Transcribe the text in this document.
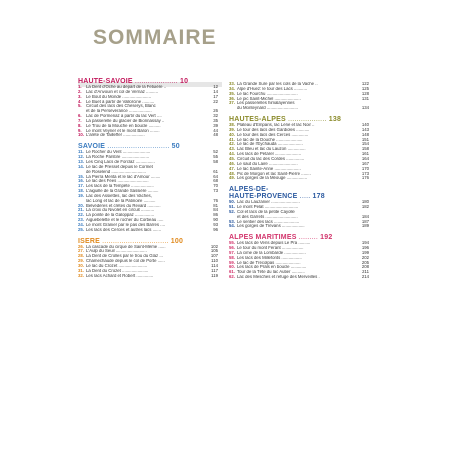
SOMMAIRE
HAUTE-SAVOIE .................... 10
1.	La Dent d'Oche au départ de la Fetuière ..	12
2.	Lac d'Anvouin et col de Vernaz ..........	14
3.	Le Bout du Monde ........................	17
4.	Le Buet à partir de Vallorcine ..........	22
5.	Circuit des lacs des Chéserys, Blanc
et de la Persévérance ...................	26
6.	Lac de Pormenaz à partir du lac Vert ....	32
7.	La passerelle du glacier de Bionnassay ..	35
8.	Le Trou de la Mouche en boucle ..........	39
9.	Le mont Veyrier et le mont Baron ........	44
10. L'arête de Tailleffer ..................	48
SAVOIE ............................. 50
11. Le Rocher du Vent .......................	52
12. La Roche Parstire .......................	55
13. Les Cinq Lacs de Forclaz ................	58
14. Le lac de Presset depuis le Cormet
de Roselend .............................	61
15. La Pierra Menta et le lac d'Amour ........	64
16. Le lac des Fées ..........................	68
17. Les lacs de la Tempête ...................	70
18. L'aiguille de la Grande Sassière .........	73
19. Lac des Assiettes, lac des Vaches,
lac Long et lac de la Patinoire ..........	76
20. Belvédères et crêtes du Revard ...........	81
21. La croix du Nivolet en circuit ...........	84
22. La pointe de la Galoppaz ................	86
23. Aiguebelette et le rocher du Corbeau .....	90
24. Le mont Granier par le pas des Barres ....	93
25. Les lacs des Cerces et autres lacs .......	96
ISÈRE ............................... 100
26. La cascade du cirque de Saint-Même ......	102
27. L'Aulp du Seuil ..........................	105
28. La Dent de Crolles par le trou du Glaz ...	107
29. Chamechaude depuis le col de Porte ......	110
30. Le lac du Crozet ........................	114
31. La Dent du Crozet ......................	117
32. Les lacs Achard et Robert ..............	119
33. La Grande Sure par les cols de la Vache ..	122
34. Alpe d'Huez: le tour des Lacs ...........	125
35. Le lac Fourchu ..........................	128
36. Le pic Saint-Michel ......................	131
37. Les passerelles himalayennes
du Monteynard ..........................	134
HAUTES-ALPES .................. 138
38. Plateau d'Emparis, lac Lérié et lac Noir ..	140
39. Le tour des lacs des Gardioles ...........	143
40. Le tour des lacs des Cerces ..............	148
41. Le lac de la Douche ......................	151
42. Le lac de l'Eychauda .....................	154
43. Lac Bleu et lac du Lauzon ...............	158
44. Les lacs de Pétarel ......................	161
45. Circuit du lac des Cordes ...............	164
46. Le saut du Laire ........................	167
47. Le lac Sainte-Anne ......................	170
48. Pic de Morgon et lac Saint-Pierre ........	173
49. Les gorges de la Méouge .................	176
ALPES-DE-
HAUTE-PROVENCE ..... 178
50. Lac du Lauzanier ........................	180
51. Le mont Pelat ............................	182
52. Col et lacs de la petite Cayolle
et des Garrets ...........................	184
53. Le sentier des lacs .....................	187
54. Les gorges de Trévans ...................	189
ALPES MARITIMES ......... 192
55. Les lacs de Vens depuis Le Pra ..........	194
56. Le tour du mont Férant ..................	196
57. La cime de la Lombarde ..................	199
58. Les lacs des Millefonts .................	202
59. Le lac de Trécolpas .....................	205
60. Les lacs de Prals en boucle .............	208
61. Tour de la Tête du lac Autier ...........	211
62. Lac des Mesches et refuge des Merveilles .	214
